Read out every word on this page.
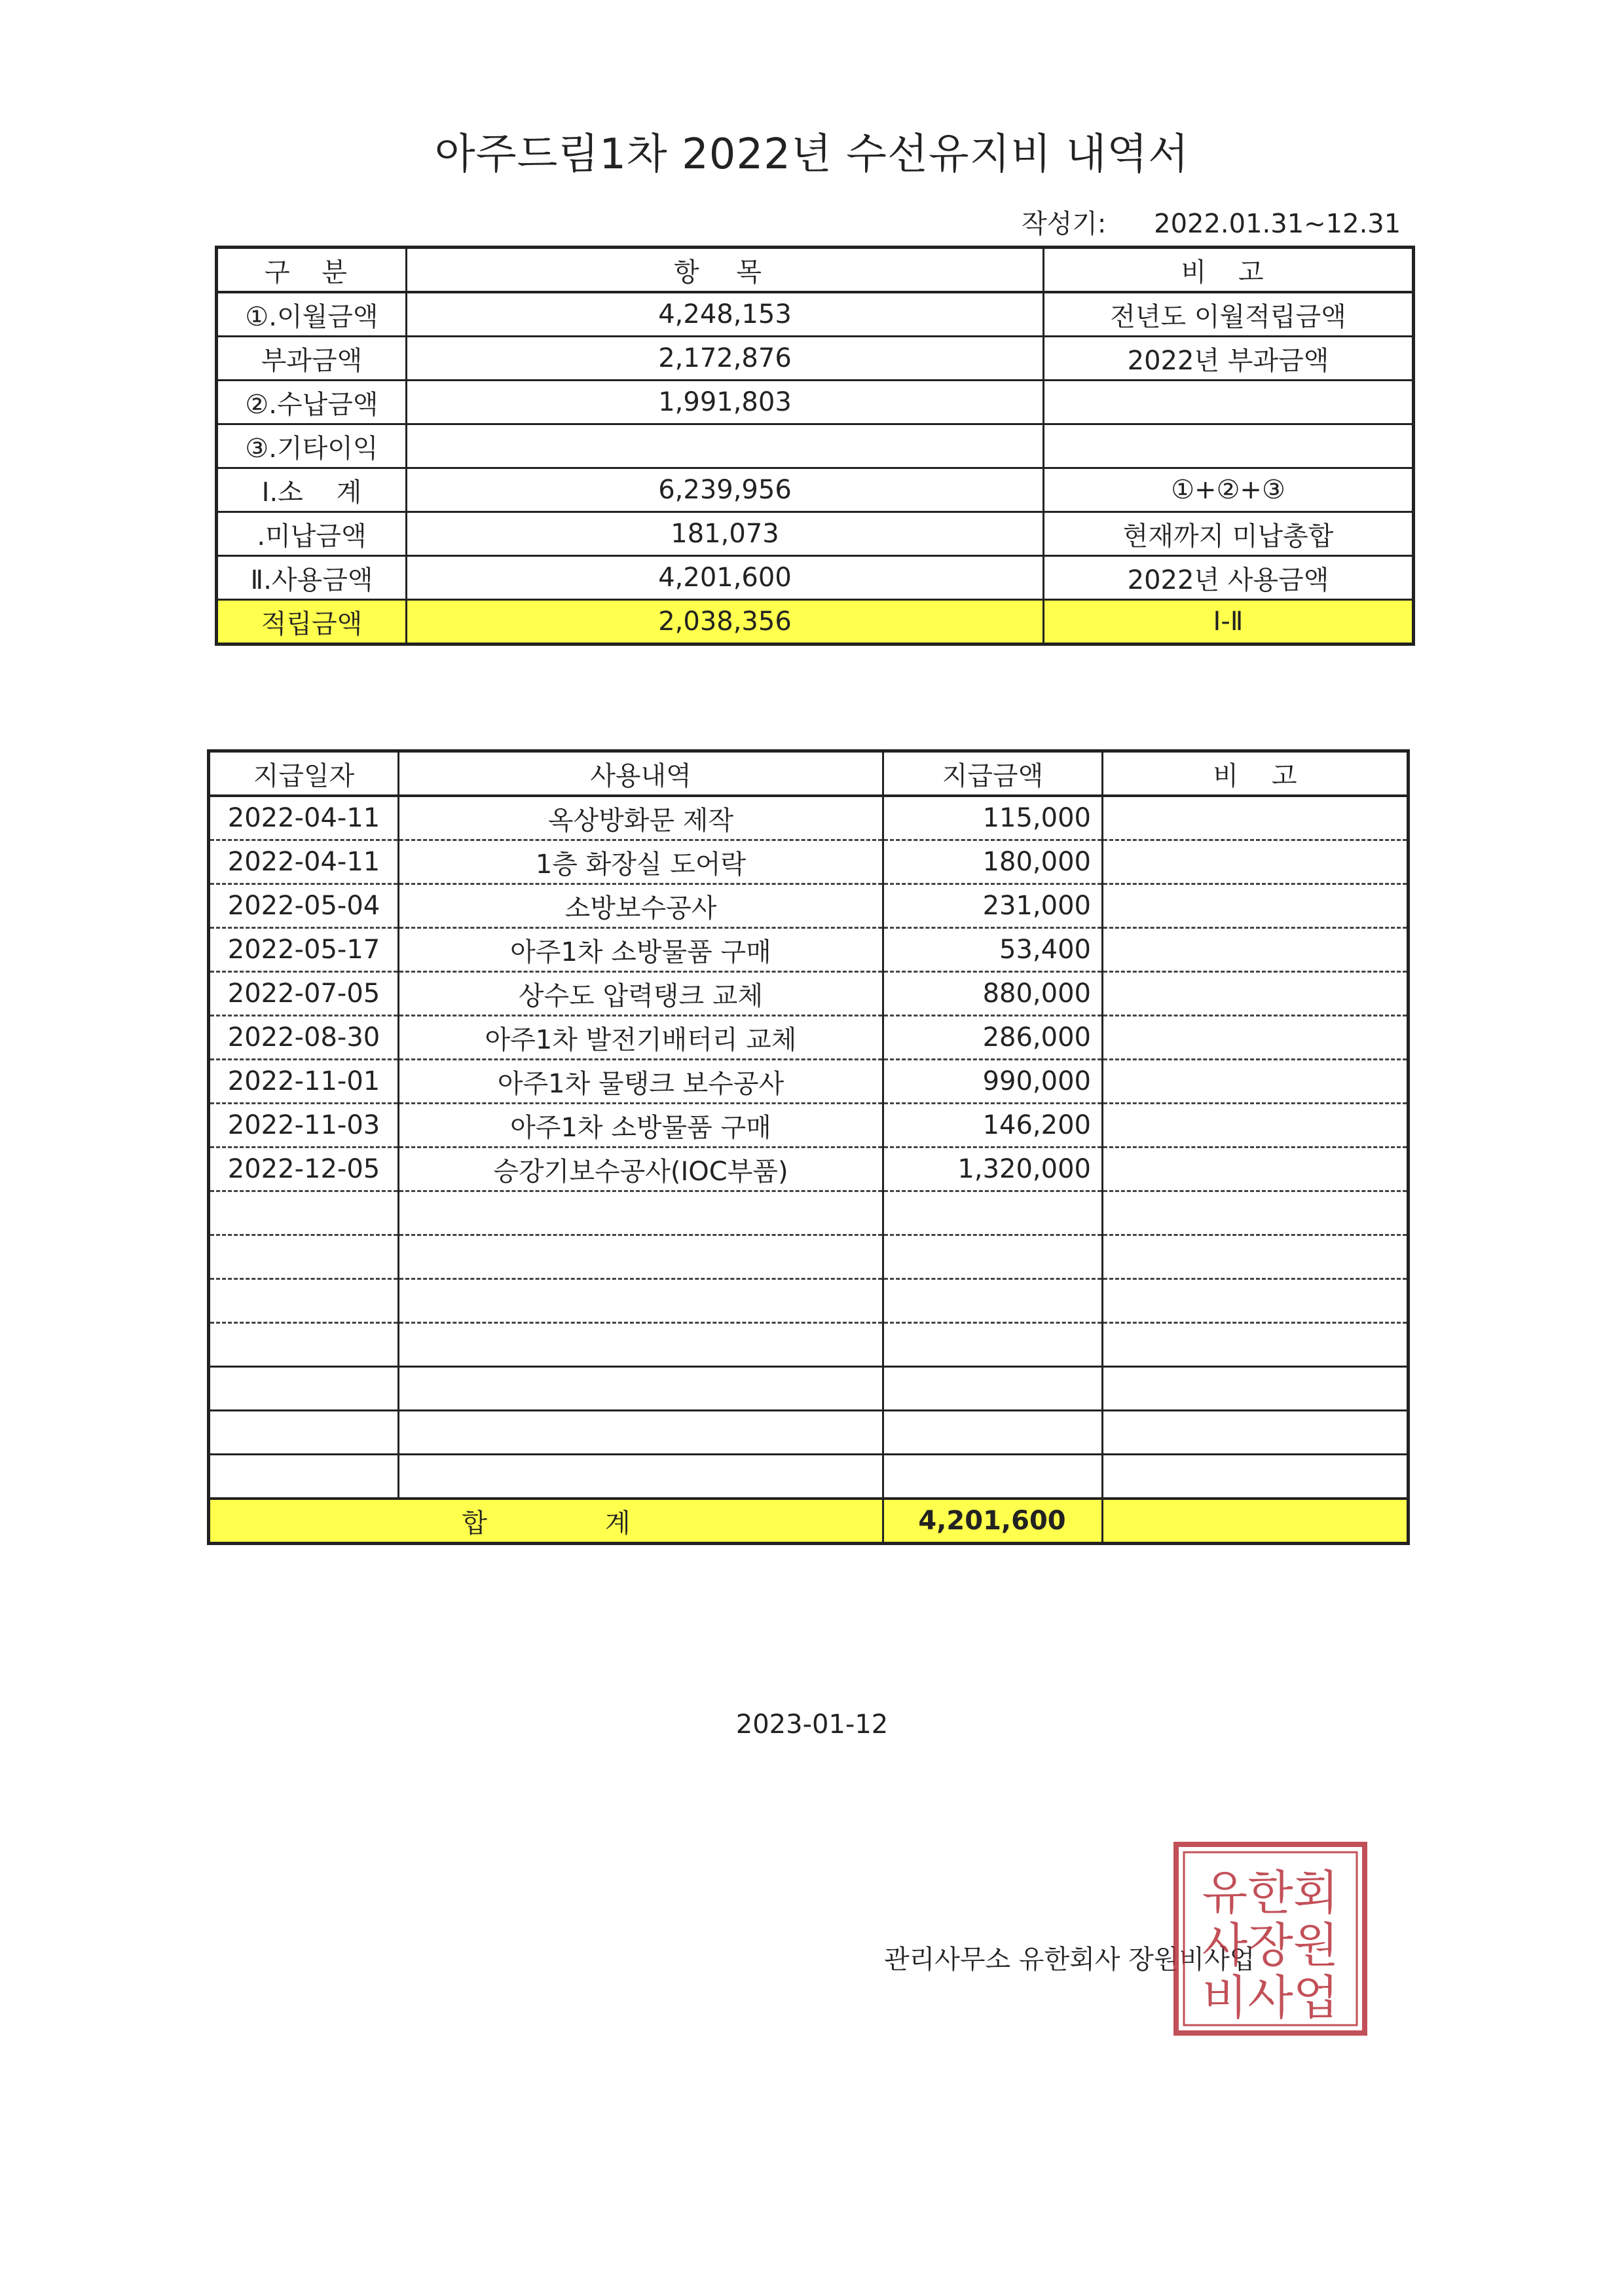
아주드림1차 2022년 수선유지비 내역서
작성기: 2022.01.31~12.31
구 분	항 목	비 고
①.이월금액	4,248,153	전년도 이월적립금액
부과금액	2,172,876	2022년 부과금액
②.수납금액	1,991,803	
③.기타이익		
Ⅰ.소    계	6,239,956	①+②+③
.미납금액	181,073	현재까지 미납총합
Ⅱ.사용금액	4,201,600	2022년 사용금액
적립금액	2,038,356	Ⅰ-Ⅱ
지급일자	사용내역	지급금액	비    고
2022-04-11	옥상방화문 제작	115,000	
2022-04-11	1층 화장실 도어락	180,000	
2022-05-04	소방보수공사	231,000	
2022-05-17	아주1차 소방물품 구매	53,400	
2022-07-05	상수도 압력탱크 교체	880,000	
2022-08-30	아주1차 발전기배터리 교체	286,000	
2022-11-01	아주1차 물탱크 보수공사	990,000	
2022-11-03	아주1차 소방물품 구매	146,200	
2022-12-05	승강기보수공사(IOC부품)	1,320,000	

합 계		4,201,600	
2023-01-12
관리사무소 유한회사 장원비사업
유한회
사장원
비사업
